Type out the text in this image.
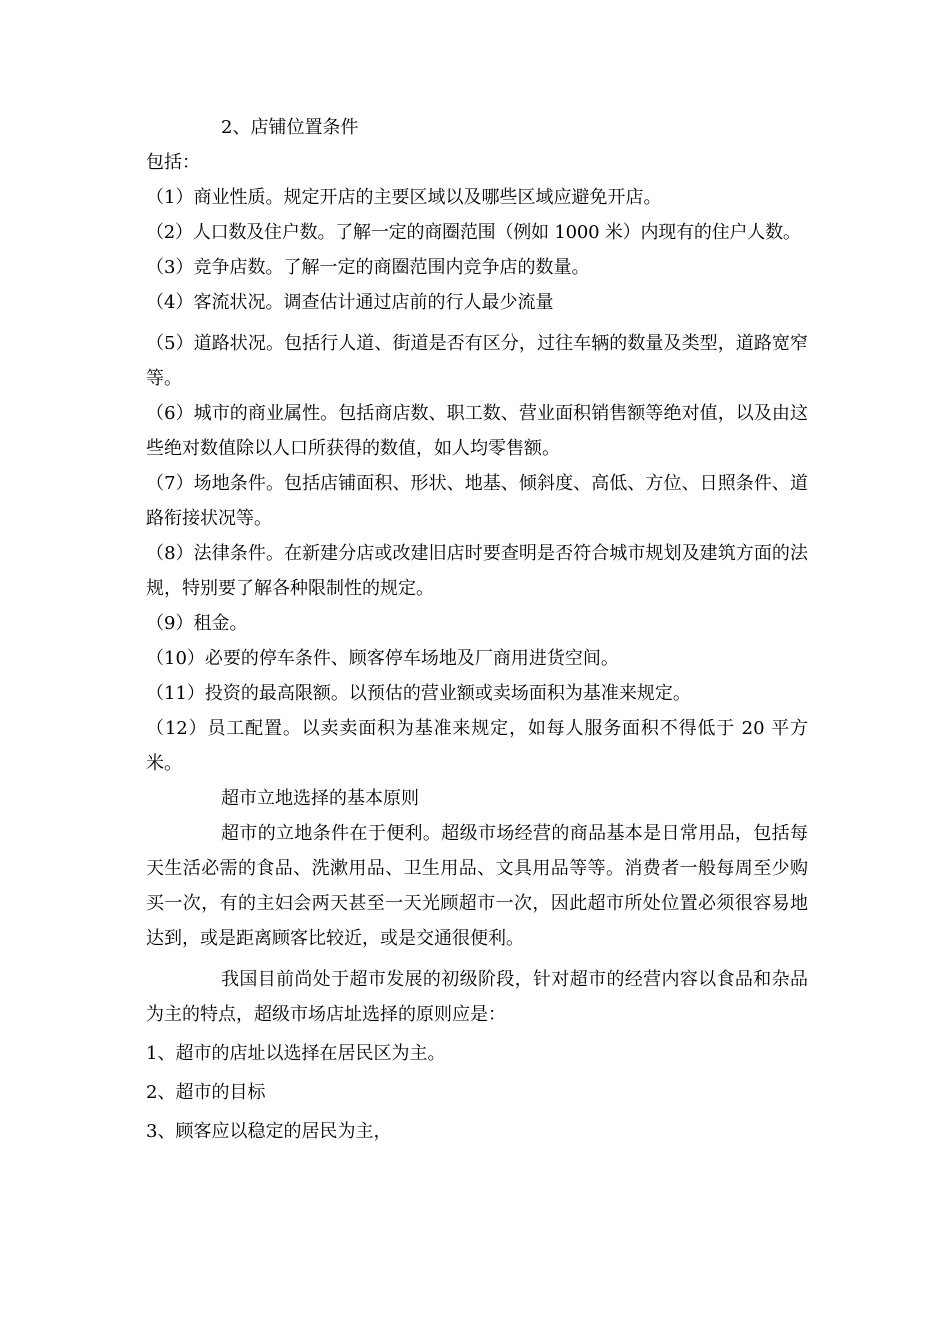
2、店铺位置条件
包括：
（1）商业性质。规定开店的主要区域以及哪些区域应避免开店。
（2）人口数及住户数。了解一定的商圈范围（例如 1000 米）内现有的住户人数。
（3）竞争店数。了解一定的商圈范围内竞争店的数量。
（4）客流状况。调查估计通过店前的行人最少流量

（5）道路状况。包括行人道、街道是否有区分，过往车辆的数量及类型，道路宽窄等。

（6）城市的商业属性。包括商店数、职工数、营业面积销售额等绝对值，以及由这些绝对数值除以人口所获得的数值，如人均零售额。

（7）场地条件。包括店铺面积、形状、地基、倾斜度、高低、方位、日照条件、道路衔接状况等。

（8）法律条件。在新建分店或改建旧店时要查明是否符合城市规划及建筑方面的法规，特别要了解各种限制性的规定。

（9）租金。

（10）必要的停车条件、顾客停车场地及厂商用进货空间。

（11）投资的最高限额。以预估的营业额或卖场面积为基准来规定。

（12）员工配置。以卖卖面积为基准来规定，如每人服务面积不得低于 20 平方米。

超市立地选择的基本原则

超市的立地条件在于便利。超级市场经营的商品基本是日常用品，包括每天生活必需的食品、洗漱用品、卫生用品、文具用品等等。消费者一般每周至少购买一次，有的主妇会两天甚至一天光顾超市一次，因此超市所处位置必须很容易地达到，或是距离顾客比较近，或是交通很便利。

我国目前尚处于超市发展的初级阶段，针对超市的经营内容以食品和杂品为主的特点，超级市场店址选择的原则应是：

1、超市的店址以选择在居民区为主。

2、超市的目标

3、顾客应以稳定的居民为主，
